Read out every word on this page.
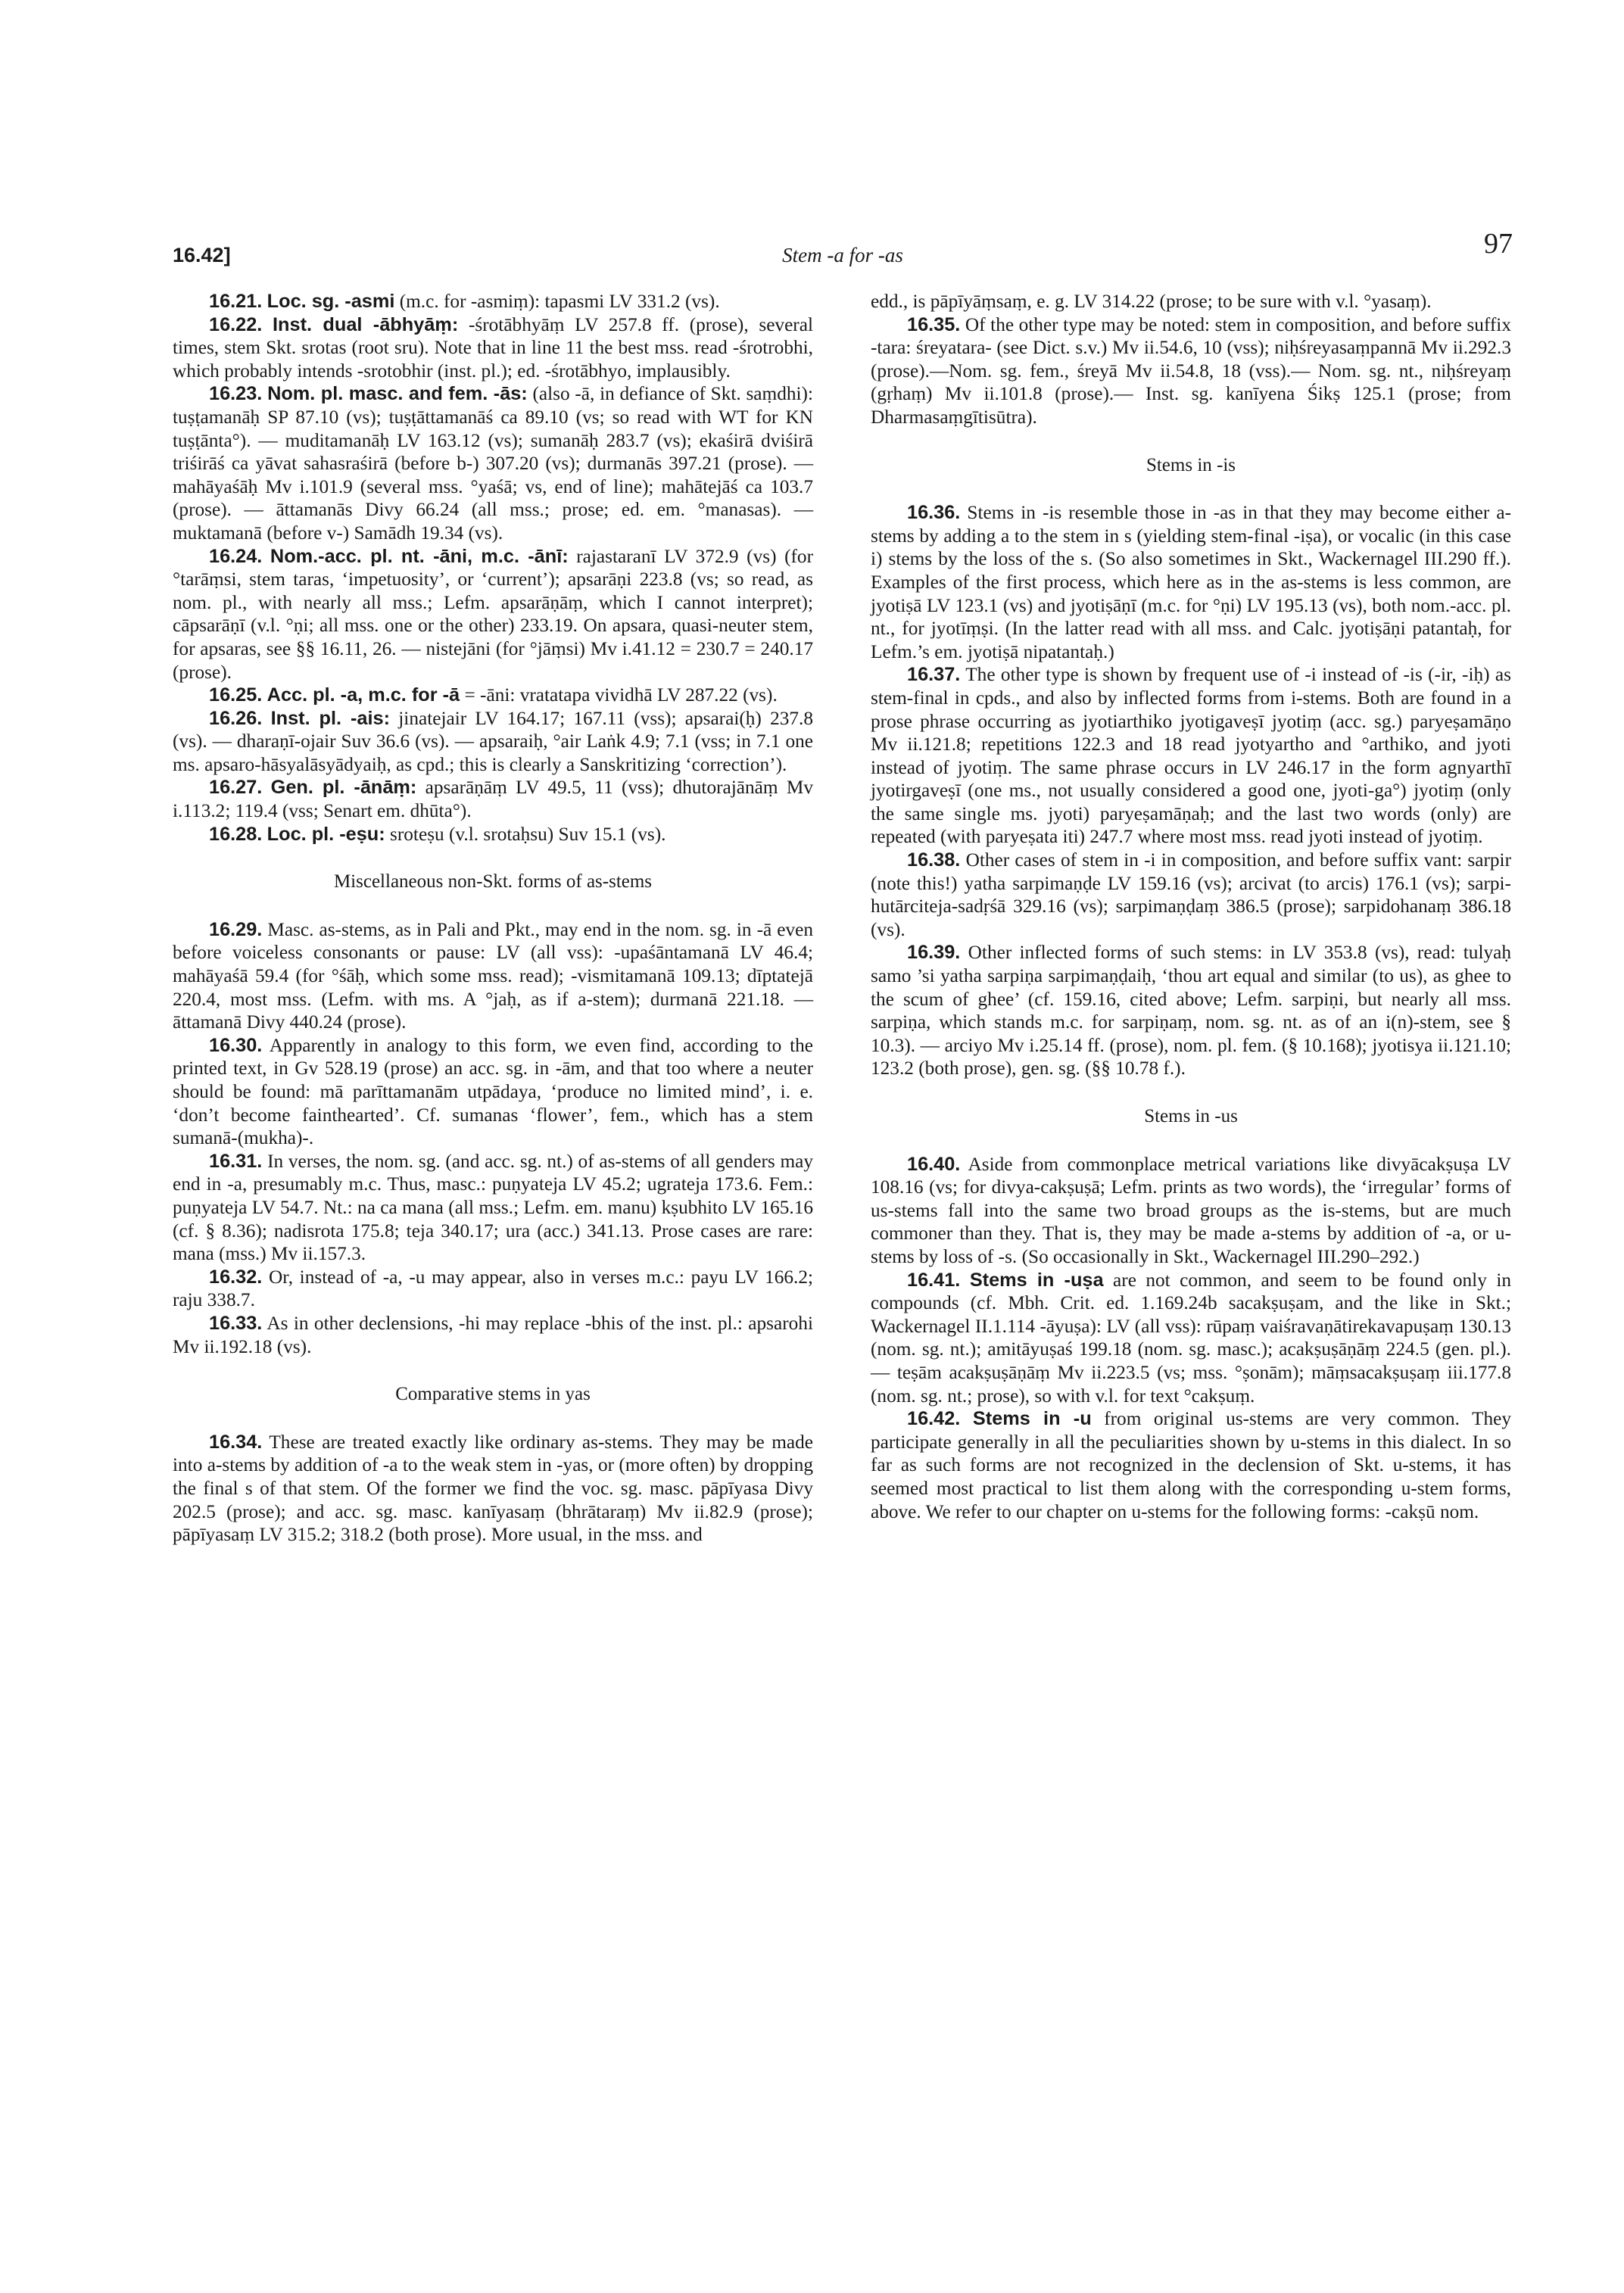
16.42]	Stem -a for -as	97

16.21. Loc. sg. -asmi (m.c. for -asmiṃ): tapasmi LV 331.2 (vs).

16.22. Inst. dual -ābhyāṃ: -śrotābhyāṃ LV 257.8 ff. (prose), several times, stem Skt. srotas (root sru). Note that in line 11 the best mss. read -śrotrobhi, which probably intends -srotobhir (inst. pl.); ed. -śrotābhyo, implausibly.

16.23. Nom. pl. masc. and fem. -ās: (also -ā, in defiance of Skt. saṃdhi): tuṣṭamanāḥ SP 87.10 (vs); tuṣṭāttamanāś ca 89.10 (vs; so read with WT for KN tuṣṭānta°). — muditamanāḥ LV 163.12 (vs); sumanāḥ 283.7 (vs); ekaśirā dviśirā triśirāś ca yāvat sahasraśirā (before b-) 307.20 (vs); durmanās 397.21 (prose). — mahāyaśāḥ Mv i.101.9 (several mss. °yaśā; vs, end of line); mahātejāś ca 103.7 (prose). — āttamanās Divy 66.24 (all mss.; prose; ed. em. °manasas). — muktamanā (before v-) Samādh 19.34 (vs).

16.24. Nom.-acc. pl. nt. -āni, m.c. -ānī: rajastaranī LV 372.9 (vs) (for °tarāṃsi, stem taras, ‘impetuosity’, or ‘current’); apsarāṇi 223.8 (vs; so read, as nom. pl., with nearly all mss.; Lefm. apsarāṇāṃ, which I cannot interpret); cāpsarāṇī (v.l. °ṇi; all mss. one or the other) 233.19. On apsara, quasi-neuter stem, for apsaras, see §§ 16.11, 26. — nistejāni (for °jāṃsi) Mv i.41.12 = 230.7 = 240.17 (prose).

16.25. Acc. pl. -a, m.c. for -ā = -āni: vratatapa vividhā LV 287.22 (vs).

16.26. Inst. pl. -ais: jinatejair LV 164.17; 167.11 (vss); apsarai(ḥ) 237.8 (vs). — dharaṇī-ojair Suv 36.6 (vs). — apsaraiḥ, °air Laṅk 4.9; 7.1 (vss; in 7.1 one ms. apsaro-hāsyalāsyādyaiḥ, as cpd.; this is clearly a Sanskritizing ‘correction’).

16.27. Gen. pl. -ānāṃ: apsarāṇāṃ LV 49.5, 11 (vss); dhutorajānāṃ Mv i.113.2; 119.4 (vss; Senart em. dhūta°).

16.28. Loc. pl. -eṣu: sroteṣu (v.l. srotaḥsu) Suv 15.1 (vs).

Miscellaneous non-Skt. forms of as-stems

16.29. Masc. as-stems, as in Pali and Pkt., may end in the nom. sg. in -ā even before voiceless consonants or pause: LV (all vss): -upaśāntamanā LV 46.4; mahāyaśā 59.4 (for °śāḥ, which some mss. read); -vismitamanā 109.13; dīptatejā 220.4, most mss. (Lefm. with ms. A °jaḥ, as if a-stem); durmanā 221.18. — āttamanā Divy 440.24 (prose).

16.30. Apparently in analogy to this form, we even find, according to the printed text, in Gv 528.19 (prose) an acc. sg. in -ām, and that too where a neuter should be found: mā parīttamanām utpādaya, ‘produce no limited mind’, i. e. ‘don’t become fainthearted’. Cf. sumanas ‘flower’, fem., which has a stem sumanā-(mukha)-.

16.31. In verses, the nom. sg. (and acc. sg. nt.) of as-stems of all genders may end in -a, presumably m.c. Thus, masc.: puṇyateja LV 45.2; ugrateja 173.6. Fem.: puṇyateja LV 54.7. Nt.: na ca mana (all mss.; Lefm. em. manu) kṣubhito LV 165.16 (cf. § 8.36); nadisrota 175.8; teja 340.17; ura (acc.) 341.13. Prose cases are rare: mana (mss.) Mv ii.157.3.

16.32. Or, instead of -a, -u may appear, also in verses m.c.: payu LV 166.2; raju 338.7.

16.33. As in other declensions, -hi may replace -bhis of the inst. pl.: apsarohi Mv ii.192.18 (vs).

Comparative stems in yas

16.34. These are treated exactly like ordinary as-stems. They may be made into a-stems by addition of -a to the weak stem in -yas, or (more often) by dropping the final s of that stem. Of the former we find the voc. sg. masc. pāpīyasa Divy 202.5 (prose); and acc. sg. masc. kanīyasaṃ (bhrātaraṃ) Mv ii.82.9 (prose); pāpīyasaṃ LV 315.2; 318.2 (both prose). More usual, in the mss. and

edd., is pāpīyāṃsaṃ, e. g. LV 314.22 (prose; to be sure with v.l. °yasaṃ).

16.35. Of the other type may be noted: stem in composition, and before suffix -tara: śreyatara- (see Dict. s.v.) Mv ii.54.6, 10 (vss); niḥśreyasaṃpannā Mv ii.292.3 (prose).—Nom. sg. fem., śreyā Mv ii.54.8, 18 (vss).— Nom. sg. nt., niḥśreyaṃ (gṛhaṃ) Mv ii.101.8 (prose).— Inst. sg. kanīyena Śikṣ 125.1 (prose; from Dharmasaṃgītisūtra).

Stems in -is

16.36. Stems in -is resemble those in -as in that they may become either a-stems by adding a to the stem in s (yielding stem-final -iṣa), or vocalic (in this case i) stems by the loss of the s. (So also sometimes in Skt., Wackernagel III.290 ff.). Examples of the first process, which here as in the as-stems is less common, are jyotiṣā LV 123.1 (vs) and jyotiṣāṇī (m.c. for °ṇi) LV 195.13 (vs), both nom.-acc. pl. nt., for jyotīṃṣi. (In the latter read with all mss. and Calc. jyotiṣāṇi patantaḥ, for Lefm.’s em. jyotiṣā nipatantaḥ.)

16.37. The other type is shown by frequent use of -i instead of -is (-ir, -iḥ) as stem-final in cpds., and also by inflected forms from i-stems. Both are found in a prose phrase occurring as jyotiarthiko jyotigaveṣī jyotiṃ (acc. sg.) paryeṣamāṇo Mv ii.121.8; repetitions 122.3 and 18 read jyotyartho and °arthiko, and jyoti instead of jyotiṃ. The same phrase occurs in LV 246.17 in the form agnyarthī jyotirgaveṣī (one ms., not usually considered a good one, jyoti-ga°) jyotiṃ (only the same single ms. jyoti) paryeṣamāṇaḥ; and the last two words (only) are repeated (with paryeṣata iti) 247.7 where most mss. read jyoti instead of jyotiṃ.

16.38. Other cases of stem in -i in composition, and before suffix vant: sarpir (note this!) yatha sarpimaṇḍe LV 159.16 (vs); arcivat (to arcis) 176.1 (vs); sarpi-hutārciteja-sadṛśā 329.16 (vs); sarpimaṇḍaṃ 386.5 (prose); sarpidohanaṃ 386.18 (vs).

16.39. Other inflected forms of such stems: in LV 353.8 (vs), read: tulyaḥ samo ’si yatha sarpiṇa sarpimaṇḍaiḥ, ‘thou art equal and similar (to us), as ghee to the scum of ghee’ (cf. 159.16, cited above; Lefm. sarpiṇi, but nearly all mss. sarpiṇa, which stands m.c. for sarpiṇaṃ, nom. sg. nt. as of an i(n)-stem, see § 10.3). — arciyo Mv i.25.14 ff. (prose), nom. pl. fem. (§ 10.168); jyotisya ii.121.10; 123.2 (both prose), gen. sg. (§§ 10.78 f.).

Stems in -us

16.40. Aside from commonplace metrical variations like divyācakṣuṣa LV 108.16 (vs; for divya-cakṣuṣā; Lefm. prints as two words), the ‘irregular’ forms of us-stems fall into the same two broad groups as the is-stems, but are much commoner than they. That is, they may be made a-stems by addition of -a, or u-stems by loss of -s. (So occasionally in Skt., Wackernagel III.290–292.)

16.41. Stems in -uṣa are not common, and seem to be found only in compounds (cf. Mbh. Crit. ed. 1.169.24b sacakṣuṣam, and the like in Skt.; Wackernagel II.1.114 -āyuṣa): LV (all vss): rūpaṃ vaiśravaṇātirekavapuṣaṃ 130.13 (nom. sg. nt.); amitāyuṣaś 199.18 (nom. sg. masc.); acakṣuṣāṇāṃ 224.5 (gen. pl.). — teṣām acakṣuṣāṇāṃ Mv ii.223.5 (vs; mss. °ṣonām); māṃsacakṣuṣaṃ iii.177.8 (nom. sg. nt.; prose), so with v.l. for text °cakṣuṃ.

16.42. Stems in -u from original us-stems are very common. They participate generally in all the peculiarities shown by u-stems in this dialect. In so far as such forms are not recognized in the declension of Skt. u-stems, it has seemed most practical to list them along with the corresponding u-stem forms, above. We refer to our chapter on u-stems for the following forms: -cakṣū nom.
